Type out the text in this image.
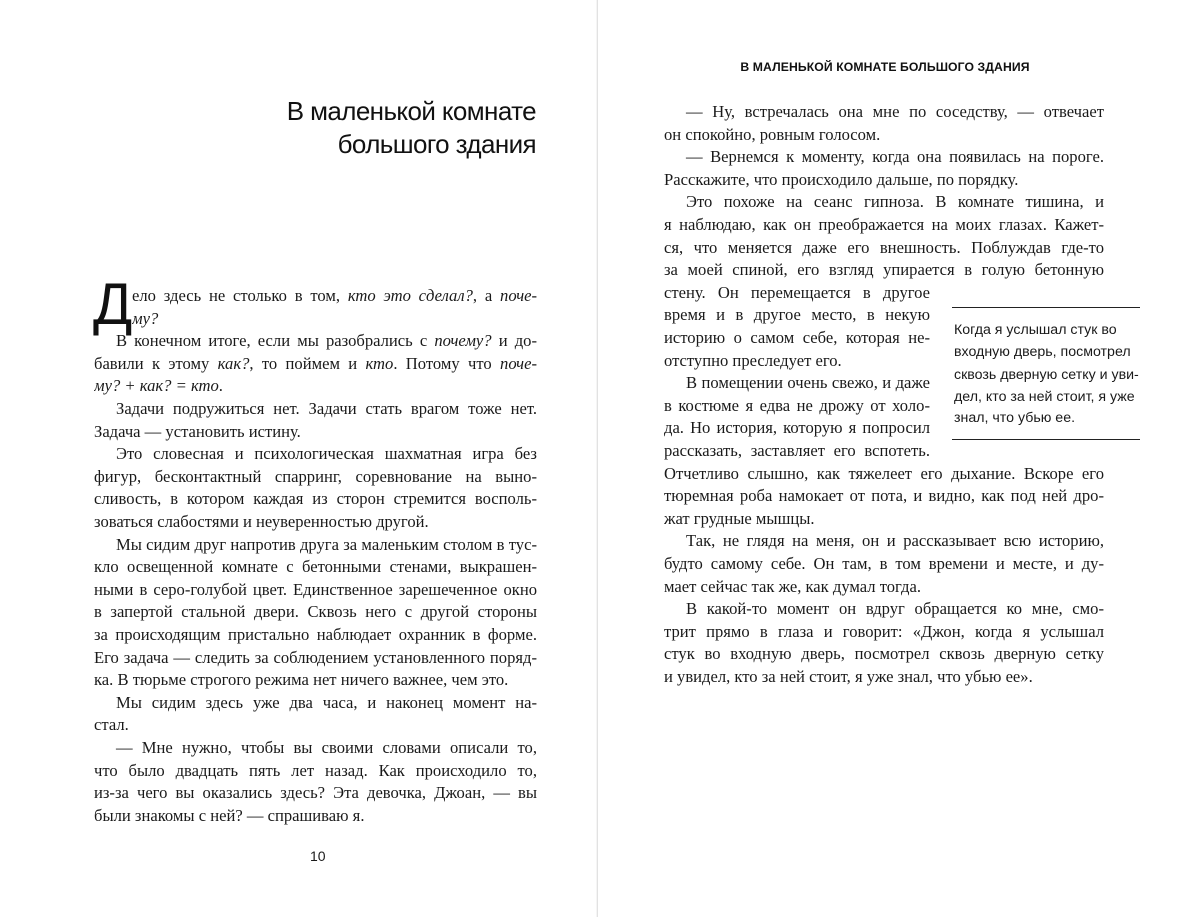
В маленькой комнате
большого здания
Д ело здесь не столько в том, кто это сделал?, а поче-
му?
В конечном итоге, если мы разобрались с почему? и до-
бавили к этому как?, то поймем и кто. Потому что поче-
му? + как? = кто.
Задачи подружиться нет. Задачи стать врагом тоже нет.
Задача — установить истину.
Это словесная и психологическая шахматная игра без
фигур, бесконтактный спарринг, соревнование на выно-
сливость, в котором каждая из сторон стремится восполь-
зоваться слабостями и неуверенностью другой.
Мы сидим друг напротив друга за маленьким столом в тус-
кло освещенной комнате с бетонными стенами, выкрашен-
ными в серо-голубой цвет. Единственное зарешеченное окно
в запертой стальной двери. Сквозь него с другой стороны
за происходящим пристально наблюдает охранник в форме.
Его задача — следить за соблюдением установленного поряд-
ка. В тюрьме строгого режима нет ничего важнее, чем это.
Мы сидим здесь уже два часа, и наконец момент на-
стал.
— Мне нужно, чтобы вы своими словами описали то,
что было двадцать пять лет назад. Как происходило то,
из-за чего вы оказались здесь? Эта девочка, Джоан, — вы
были знакомы с ней? — спрашиваю я.
10
В МАЛЕНЬКОЙ КОМНАТЕ БОЛЬШОГО ЗДАНИЯ
— Ну, встречалась она мне по соседству, — отвечает
он спокойно, ровным голосом.
— Вернемся к моменту, когда она появилась на пороге.
Расскажите, что происходило дальше, по порядку.
Это похоже на сеанс гипноза. В комнате тишина, и
я наблюдаю, как он преображается на моих глазах. Кажет-
ся, что меняется даже его внешность. Поблуждав где-то
за моей спиной, его взгляд упирается в голую бетонную
стену. Он перемещается в другое
время и в другое место, в некую
историю о самом себе, которая не-
отступно преследует его.
В помещении очень свежо, и даже
в костюме я едва не дрожу от холо-
да. Но история, которую я попросил
рассказать, заставляет его вспотеть.
Отчетливо слышно, как тяжелеет его дыхание. Вскоре его
тюремная роба намокает от пота, и видно, как под ней дро-
жат грудные мышцы.
Так, не глядя на меня, он и рассказывает всю историю,
будто самому себе. Он там, в том времени и месте, и ду-
мает сейчас так же, как думал тогда.
В какой-то момент он вдруг обращается ко мне, смо-
трит прямо в глаза и говорит: «Джон, когда я услышал
стук во входную дверь, посмотрел сквозь дверную сетку
и увидел, кто за ней стоит, я уже знал, что убью ее».
Когда я услышал стук во
входную дверь, посмотрел
сквозь дверную сетку и уви-
дел, кто за ней стоит, я уже
знал, что убью ее.
